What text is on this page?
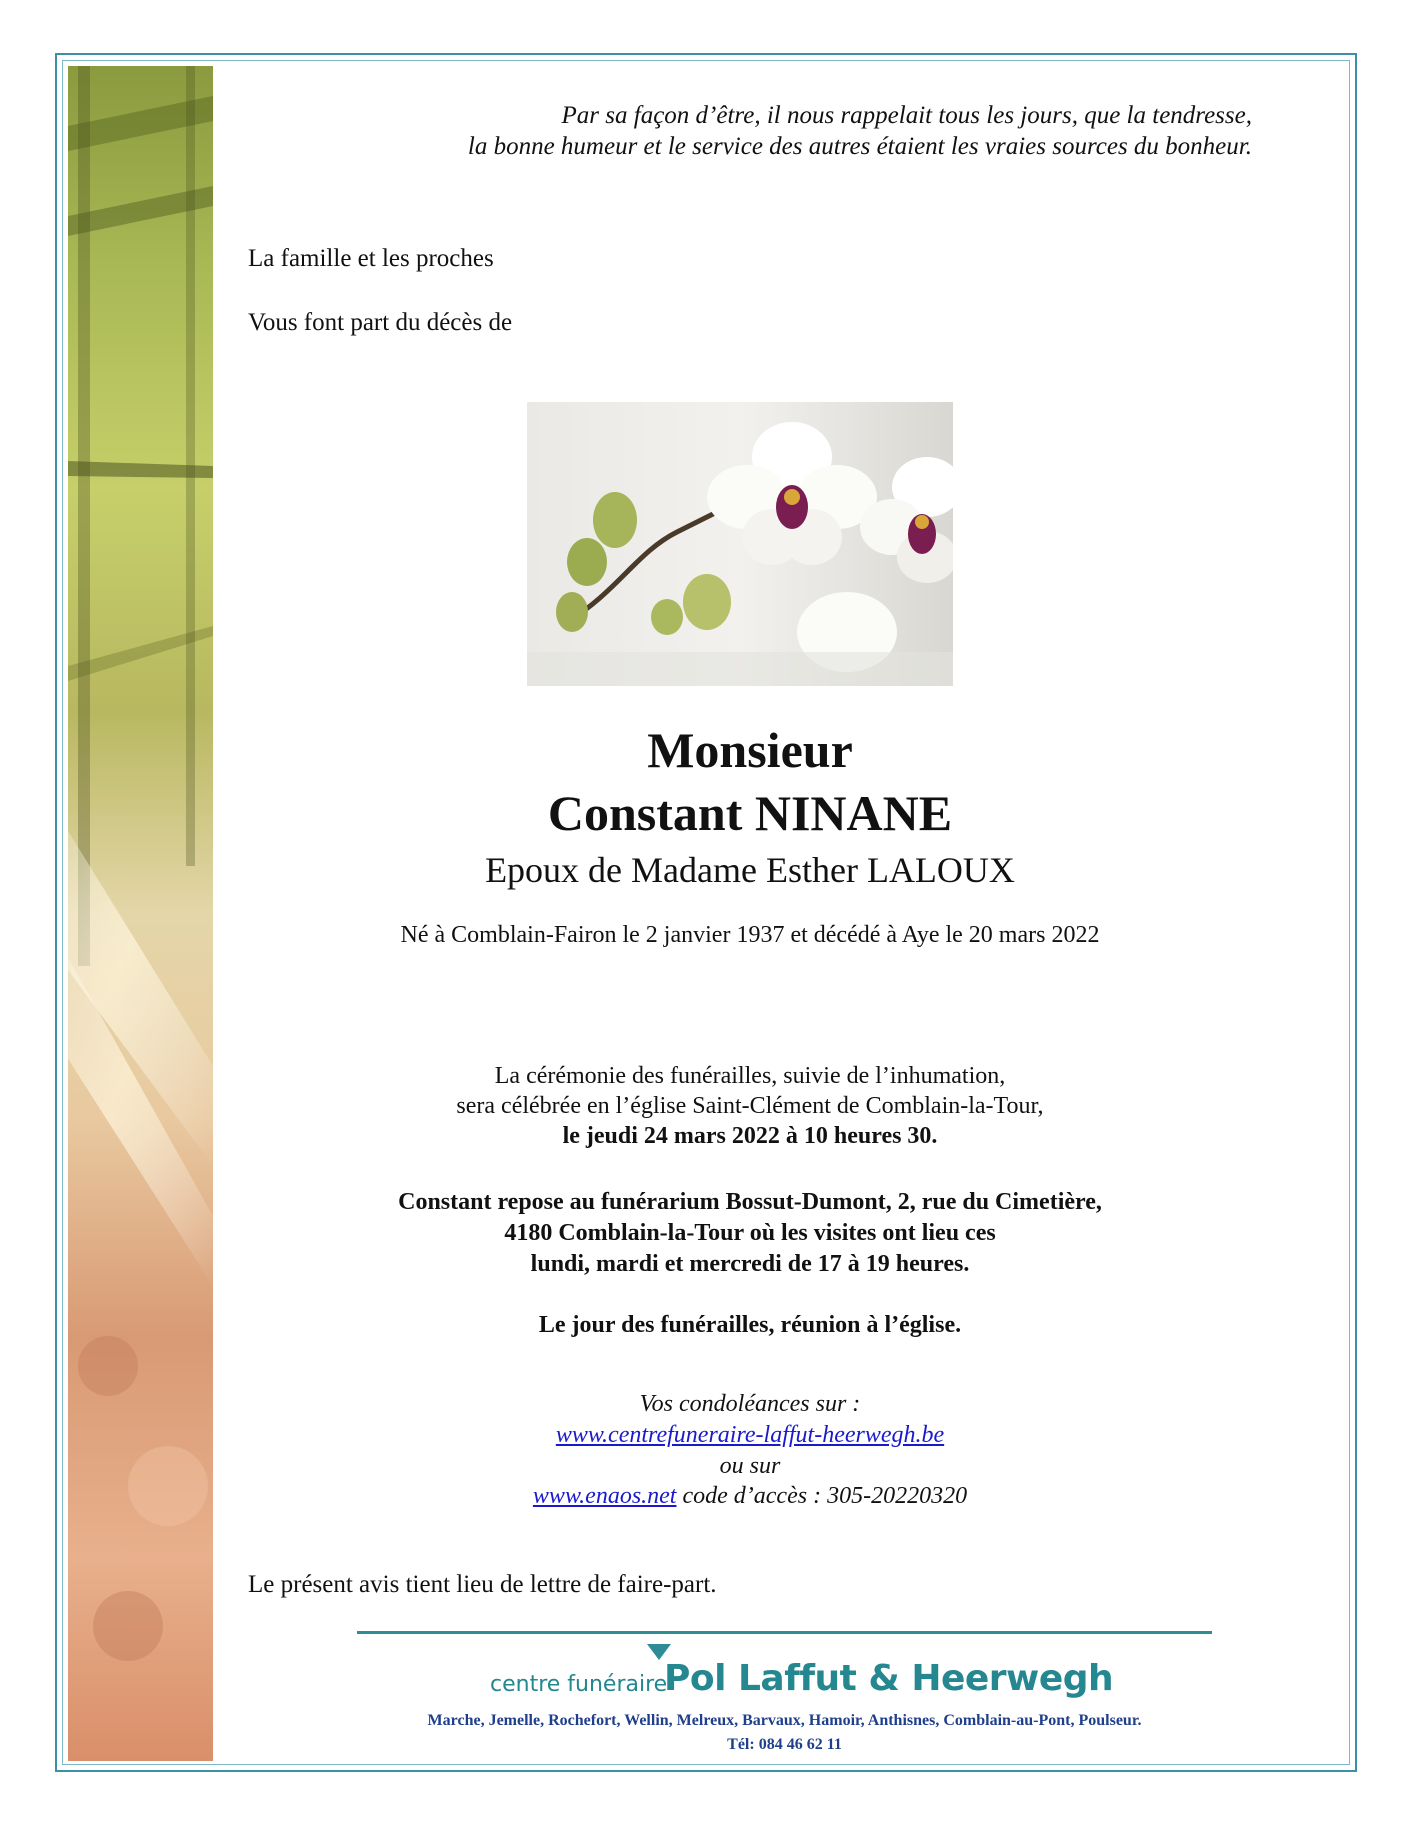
Par sa façon d’être, il nous rappelait tous les jours, que la tendresse,
la bonne humeur et le service des autres étaient les vraies sources du bonheur.

La famille et les proches

Vous font part du décès de

Monsieur

Constant NINANE

Epoux de Madame Esther LALOUX

Né à Comblain-Fairon le 2 janvier 1937 et décédé à Aye le 20 mars 2022

La cérémonie des funérailles, suivie de l’inhumation,

sera célébrée en l’église Saint-Clément de Comblain-la-Tour,

le jeudi 24 mars 2022 à 10 heures 30.

Constant repose au funérarium Bossut-Dumont, 2, rue du Cimetière,

4180 Comblain-la-Tour où les visites ont lieu ces

lundi, mardi et mercredi de 17 à 19 heures.

Le jour des funérailles, réunion à l’église.

Vos condoléances sur :

www.centrefuneraire-laffut-heerwegh.be

ou sur

www.enaos.net code d’accès : 305-20220320

Le présent avis tient lieu de lettre de faire-part.

centre funéraire
Pol Laffut & Heerwegh
Marche, Jemelle, Rochefort, Wellin, Melreux, Barvaux, Hamoir, Anthisnes, Comblain-au-Pont, Poulseur.
Tél: 084 46 62 11
